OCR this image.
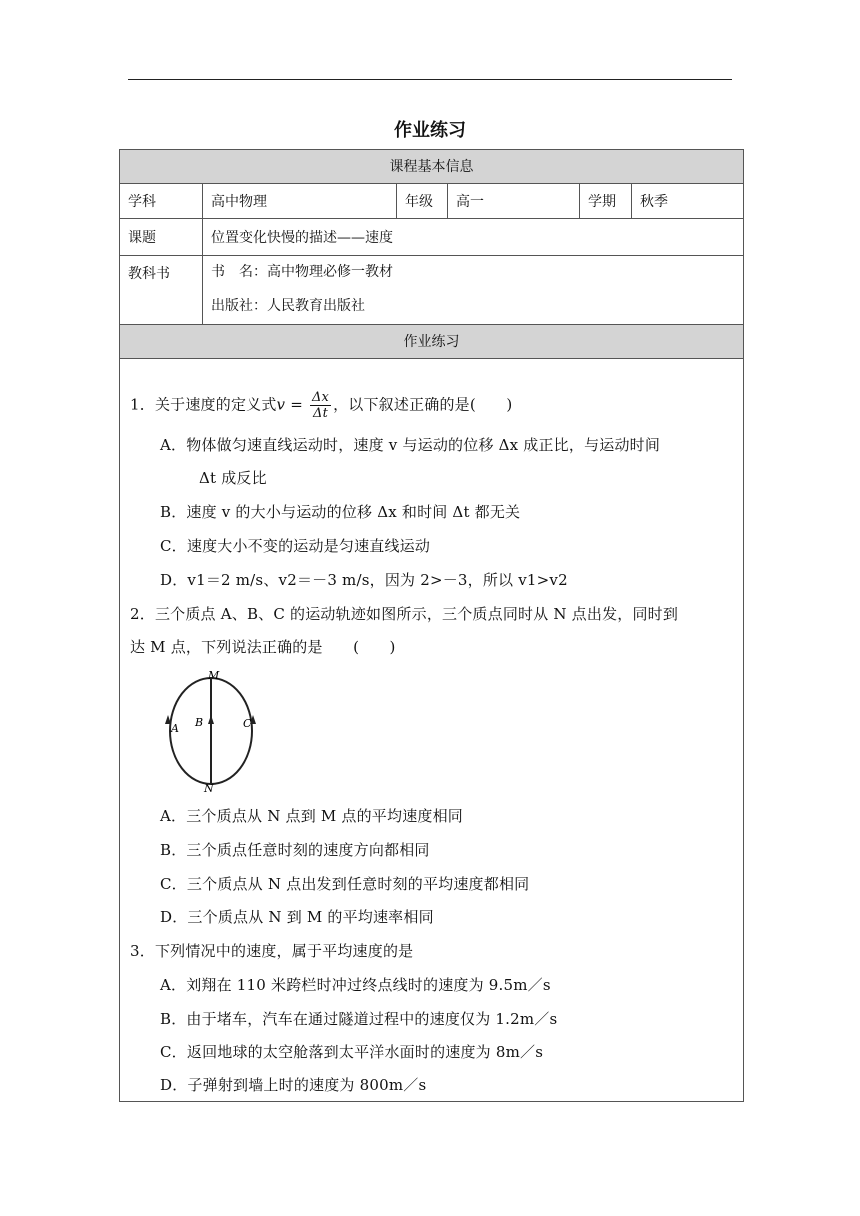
作业练习
课程基本信息
学科	高中物理	年级	高一	学期	秋季
课题	位置变化快慢的描述——速度
教科书	书　名：高中物理必修一教材
出版社：人民教育出版社
作业练习
1．关于速度的定义式$v = \frac{\Delta x}{\Delta t}$ ，以下叙述正确的是(　　)
A．物体做匀速直线运动时，速度 v 与运动的位移 Δx 成正比，与运动时间
Δt 成反比
B．速度 v 的大小与运动的位移 Δx 和时间 Δt 都无关
C．速度大小不变的运动是匀速直线运动
D．v1＝2 m/s、v2＝－3 m/s，因为 2>－3，所以 v1>v2
2．三个质点 A、B、C 的运动轨迹如图所示，三个质点同时从 N 点出发，同时到
达 M 点，下列说法正确的是　　(　　)
M
N
A B	C
A．三个质点从 N 点到 M 点的平均速度相同
B．三个质点任意时刻的速度方向都相同
C．三个质点从 N 点出发到任意时刻的平均速度都相同
D．三个质点从 N 到 M 的平均速率相同
3．下列情况中的速度，属于平均速度的是
A．刘翔在 110 米跨栏时冲过终点线时的速度为 9.5m／s
B．由于堵车，汽车在通过隧道过程中的速度仅为 1.2m／s
C．返回地球的太空舱落到太平洋水面时的速度为 8m／s
D．子弹射到墙上时的速度为 800m／s
